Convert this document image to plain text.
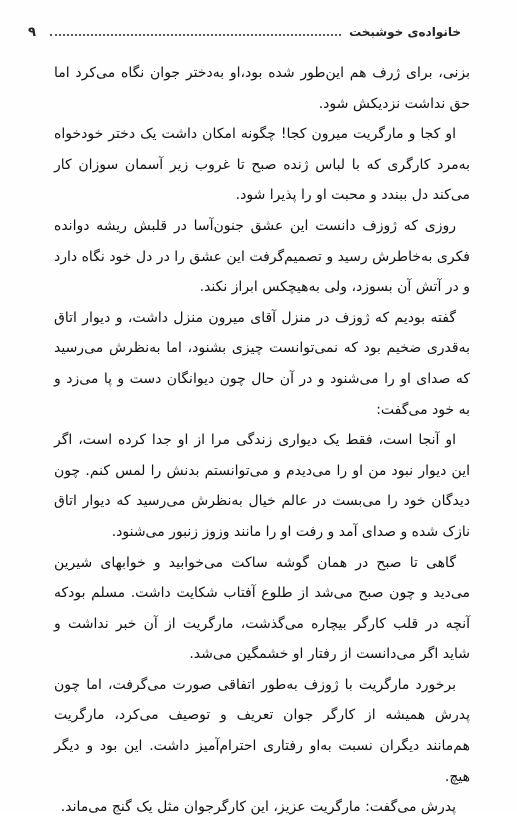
۹	خانواده‌ی خوشبخت

بزنی، برای ژرف هم این‌طور شده بود،او به‌دختر جوان نگاه می‌کرد اما حق نداشت نزدیکش شود.

او کجا و مارگریت میرون کجا! چگونه امکان داشت یک دختر خودخواه به‌مرد کارگری که با لباس ژنده صبح تا غروب زیر آسمان سوزان کار می‌کند دل ببندد و محبت او را پذیرا شود.

روزی که ژوزف دانست این عشق جنون‌آسا در قلبش ریشه دوانده فکری به‌خاطرش رسید و تصمیم‌گرفت این عشق را در دل خود نگاه دارد و در آتش آن بسوزد، ولی به‌هیچکس ابراز نکند.

گفته بودیم که ژوزف در منزل آقای میرون منزل داشت، و دیوار اتاق به‌قدری ضخیم بود که نمی‌توانست چیزی بشنود، اما به‌نظرش می‌رسید که صدای او را می‌شنود و در آن حال چون دیوانگان دست و پا می‌زد و به خود می‌گفت:

او آنجا است، فقط یک دیواری زندگی مرا از او جدا کرده است، اگر این دیوار نبود من او را می‌دیدم و می‌توانستم بدنش را لمس کنم. چون دیدگان خود را می‌بست در عالم خیال به‌نظرش می‌رسید که دیوار اتاق نازک شده و صدای آمد و رفت او را مانند وزوز زنبور می‌شنود.

گاهی تا صبح در همان گوشه ساکت می‌خوابید و خوابهای شیرین می‌دید و چون صبح می‌شد از طلوع آفتاب شکایت داشت. مسلم بودکه آنچه در قلب کارگر بیچاره می‌گذشت، مارگریت از آن خبر نداشت و شاید اگر می‌دانست از رفتار او خشمگین می‌شد.

برخورد مارگریت با ژوزف به‌طور اتفاقی صورت می‌گرفت، اما چون پدرش همیشه از کارگر جوان تعریف و توصیف می‌کرد، مارگریت هم‌مانند دیگران نسبت به‌او رفتاری احترام‌آمیز داشت. این بود و دیگر هیچ.

پدرش می‌گفت: مارگریت عزیز، این کارگرجوان مثل یک گنج می‌ماند.
